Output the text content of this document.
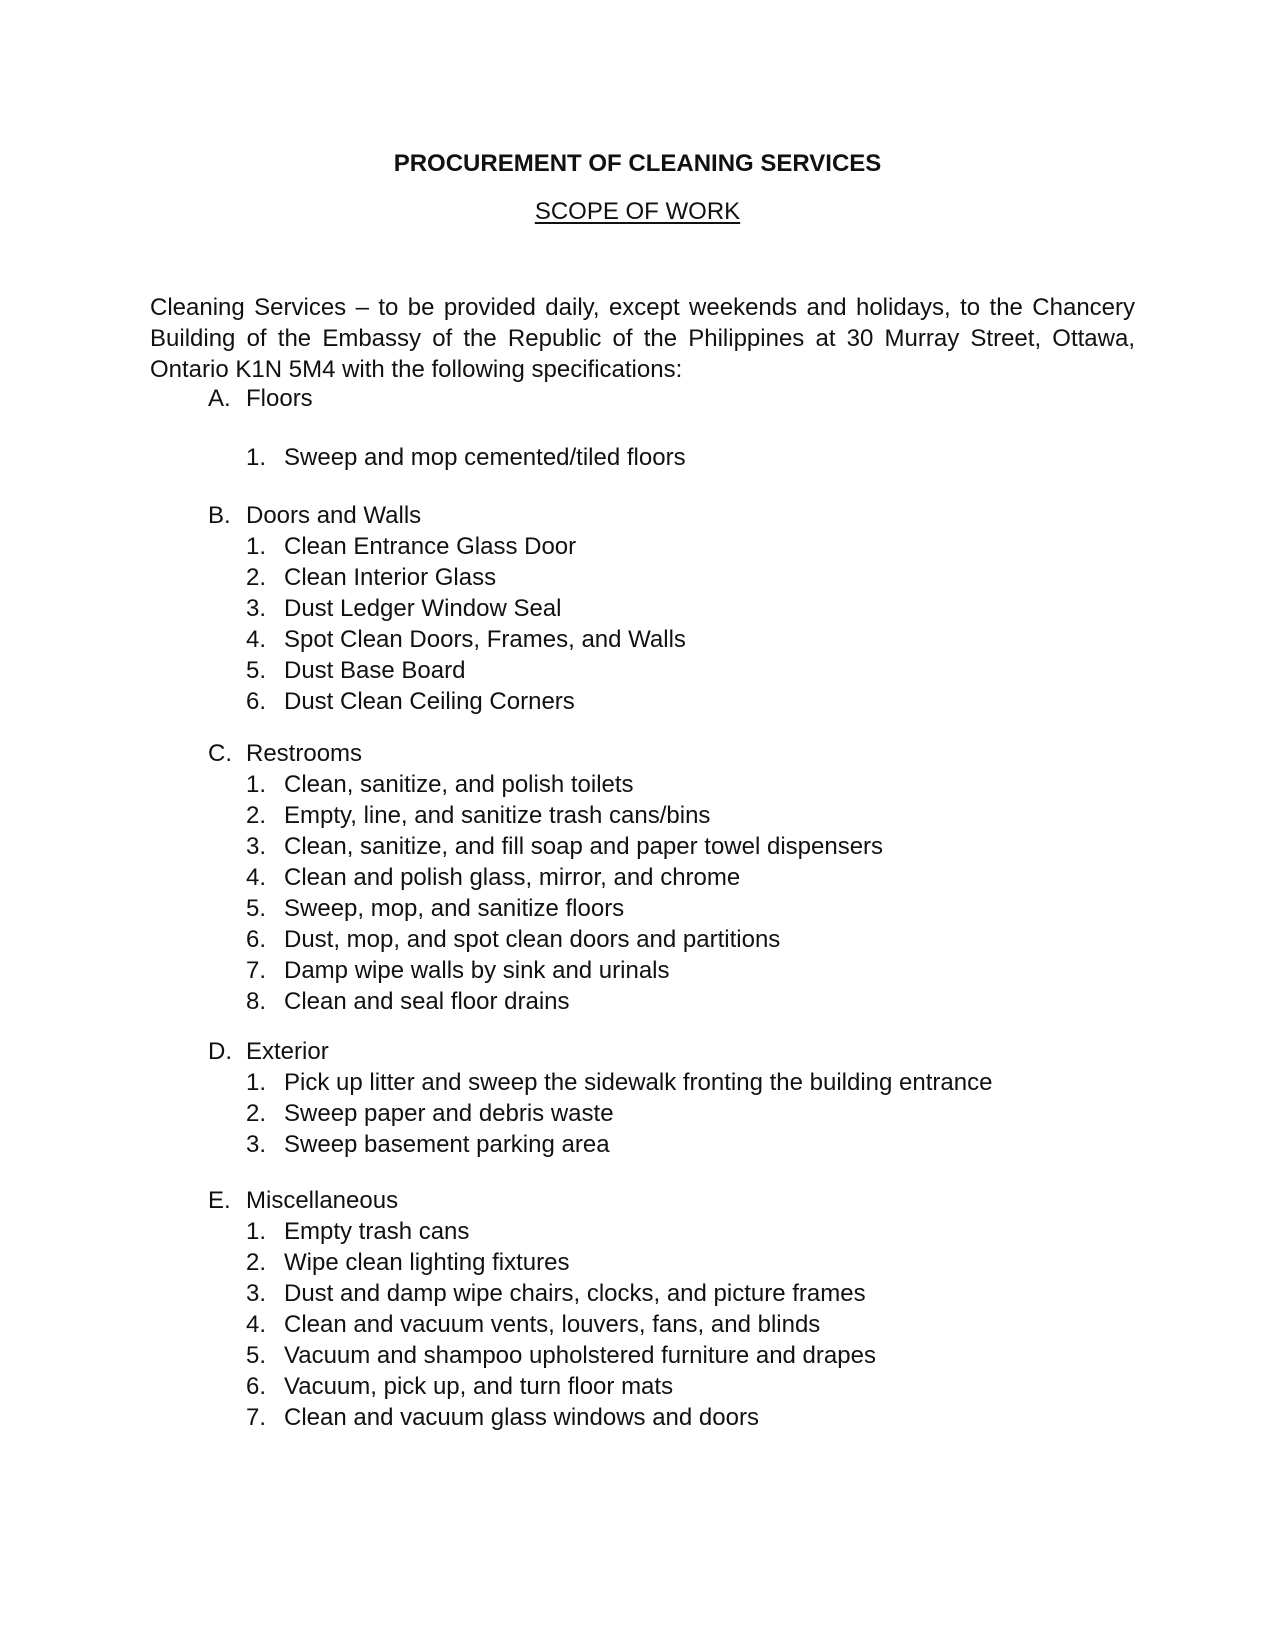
PROCUREMENT OF CLEANING SERVICES
SCOPE OF WORK
Cleaning Services – to be provided daily, except weekends and holidays, to the Chancery
Building of the Embassy of the Republic of the Philippines at 30 Murray Street, Ottawa,
Ontario K1N 5M4 with the following specifications:
A. Floors
1. Sweep and mop cemented/tiled floors
B. Doors and Walls
1. Clean Entrance Glass Door
2. Clean Interior Glass
3. Dust Ledger Window Seal
4. Spot Clean Doors, Frames, and Walls
5. Dust Base Board
6. Dust Clean Ceiling Corners
C. Restrooms
1. Clean, sanitize, and polish toilets
2. Empty, line, and sanitize trash cans/bins
3. Clean, sanitize, and fill soap and paper towel dispensers
4. Clean and polish glass, mirror, and chrome
5. Sweep, mop, and sanitize floors
6. Dust, mop, and spot clean doors and partitions
7. Damp wipe walls by sink and urinals
8. Clean and seal floor drains
D. Exterior
1. Pick up litter and sweep the sidewalk fronting the building entrance
2. Sweep paper and debris waste
3. Sweep basement parking area
E. Miscellaneous
1. Empty trash cans
2. Wipe clean lighting fixtures
3. Dust and damp wipe chairs, clocks, and picture frames
4. Clean and vacuum vents, louvers, fans, and blinds
5. Vacuum and shampoo upholstered furniture and drapes
6. Vacuum, pick up, and turn floor mats
7. Clean and vacuum glass windows and doors
